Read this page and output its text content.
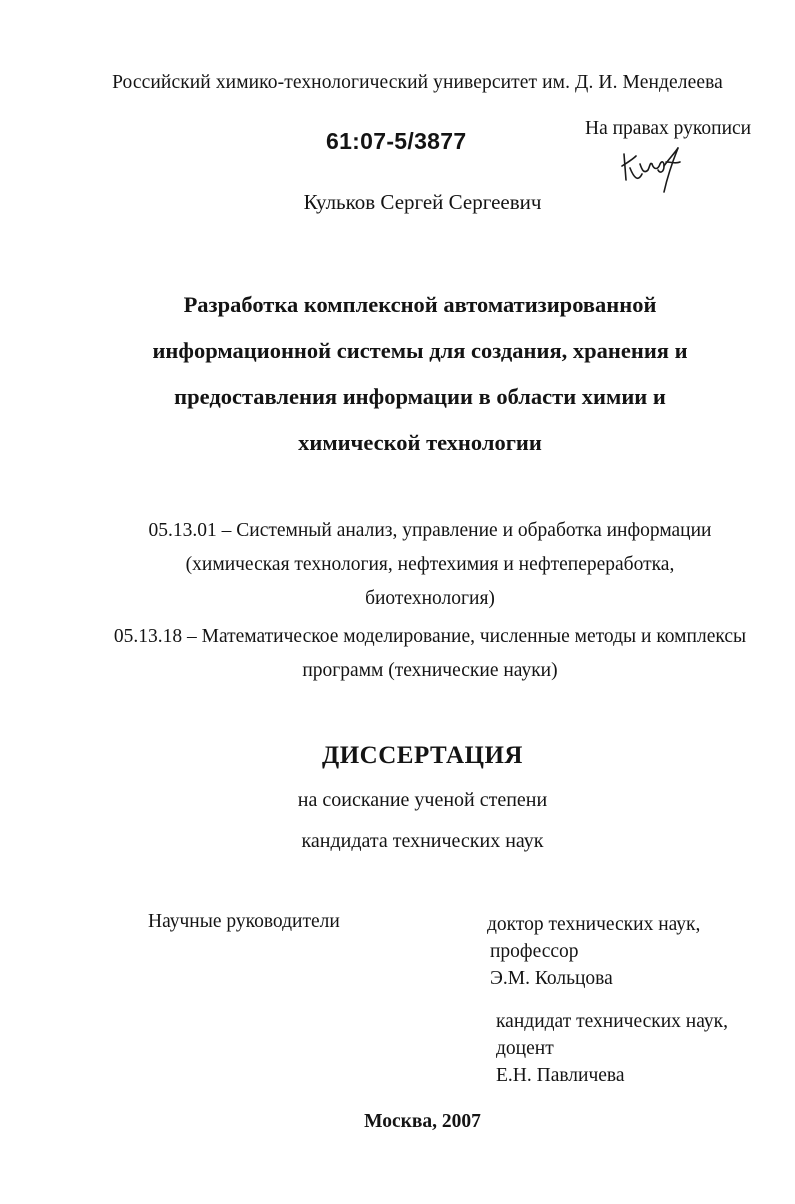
Российский химико-технологический университет им. Д. И. Менделеева
61:07-5/3877	На правах рукописи
Кульков Сергей Сергеевич
Разработка комплексной автоматизированной
информационной системы для создания, хранения и
предоставления информации в области химии и
химической технологии
05.13.01 – Системный анализ, управление и обработка информации
(химическая технология, нефтехимия и нефтепереработка,
биотехнология)
05.13.18 – Математическое моделирование, численные методы и комплексы
программ (технические науки)
ДИССЕРТАЦИЯ
на соискание ученой степени
кандидата технических наук
Научные руководители	доктор технических наук,
профессор
Э.М. Кольцова
кандидат технических наук,
доцент
Е.Н. Павличева
Москва, 2007
